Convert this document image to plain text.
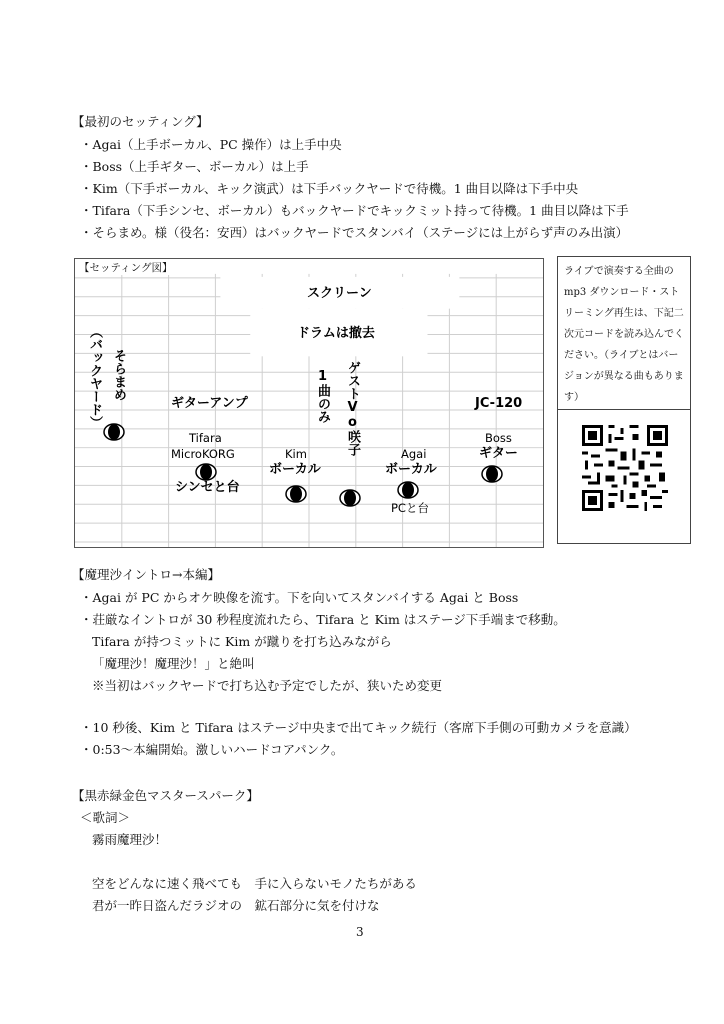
【最初のセッティング】
・Agai（上手ボーカル、PC 操作）は上手中央
・Boss（上手ギター、ボーカル）は上手
・Kim（下手ボーカル、キック演武）は下手バックヤードで待機。1 曲目以降は下手中央
・Tifara（下手シンセ、ボーカル）もバックヤードでキックミット持って待機。1 曲目以降は下手
・そらまめ。様（役名：安西）はバックヤードでスタンバイ（ステージには上がらず声のみ出演）
【セッティング図】
スクリーン
ドラムは撤去
（バックヤード） そらまめ
ギターアンプ	1曲のみ ゲストVo咲子	JC-120
Tifara
MicroKORG
シンセと台
Kim
ボーカル
Agai
ボーカル
PCと台
Boss
ギター
ライブで演奏する全曲のmp3 ダウンロード・ストリーミング再生は、下記二次元コードを読み込んでください。（ライブとはバージョンが異なる曲もあります）
【魔理沙イントロ→本編】
・Agai が PC からオケ映像を流す。下を向いてスタンバイする Agai と Boss
・荘厳なイントロが 30 秒程度流れたら、Tifara と Kim はステージ下手端まで移動。
Tifara が持つミットに Kim が蹴りを打ち込みながら
「魔理沙！魔理沙！」と絶叫
※当初はバックヤードで打ち込む予定でしたが、狭いため変更
・10 秒後、Kim と Tifara はステージ中央まで出てキック続行（客席下手側の可動カメラを意識）
・0:53～本編開始。激しいハードコアパンク。
【黒赤緑金色マスタースパーク】
＜歌詞＞
霧雨魔理沙！
空をどんなに速く飛べても　手に入らないモノたちがある
君が一昨日盗んだラジオの　鉱石部分に気を付けな
3
